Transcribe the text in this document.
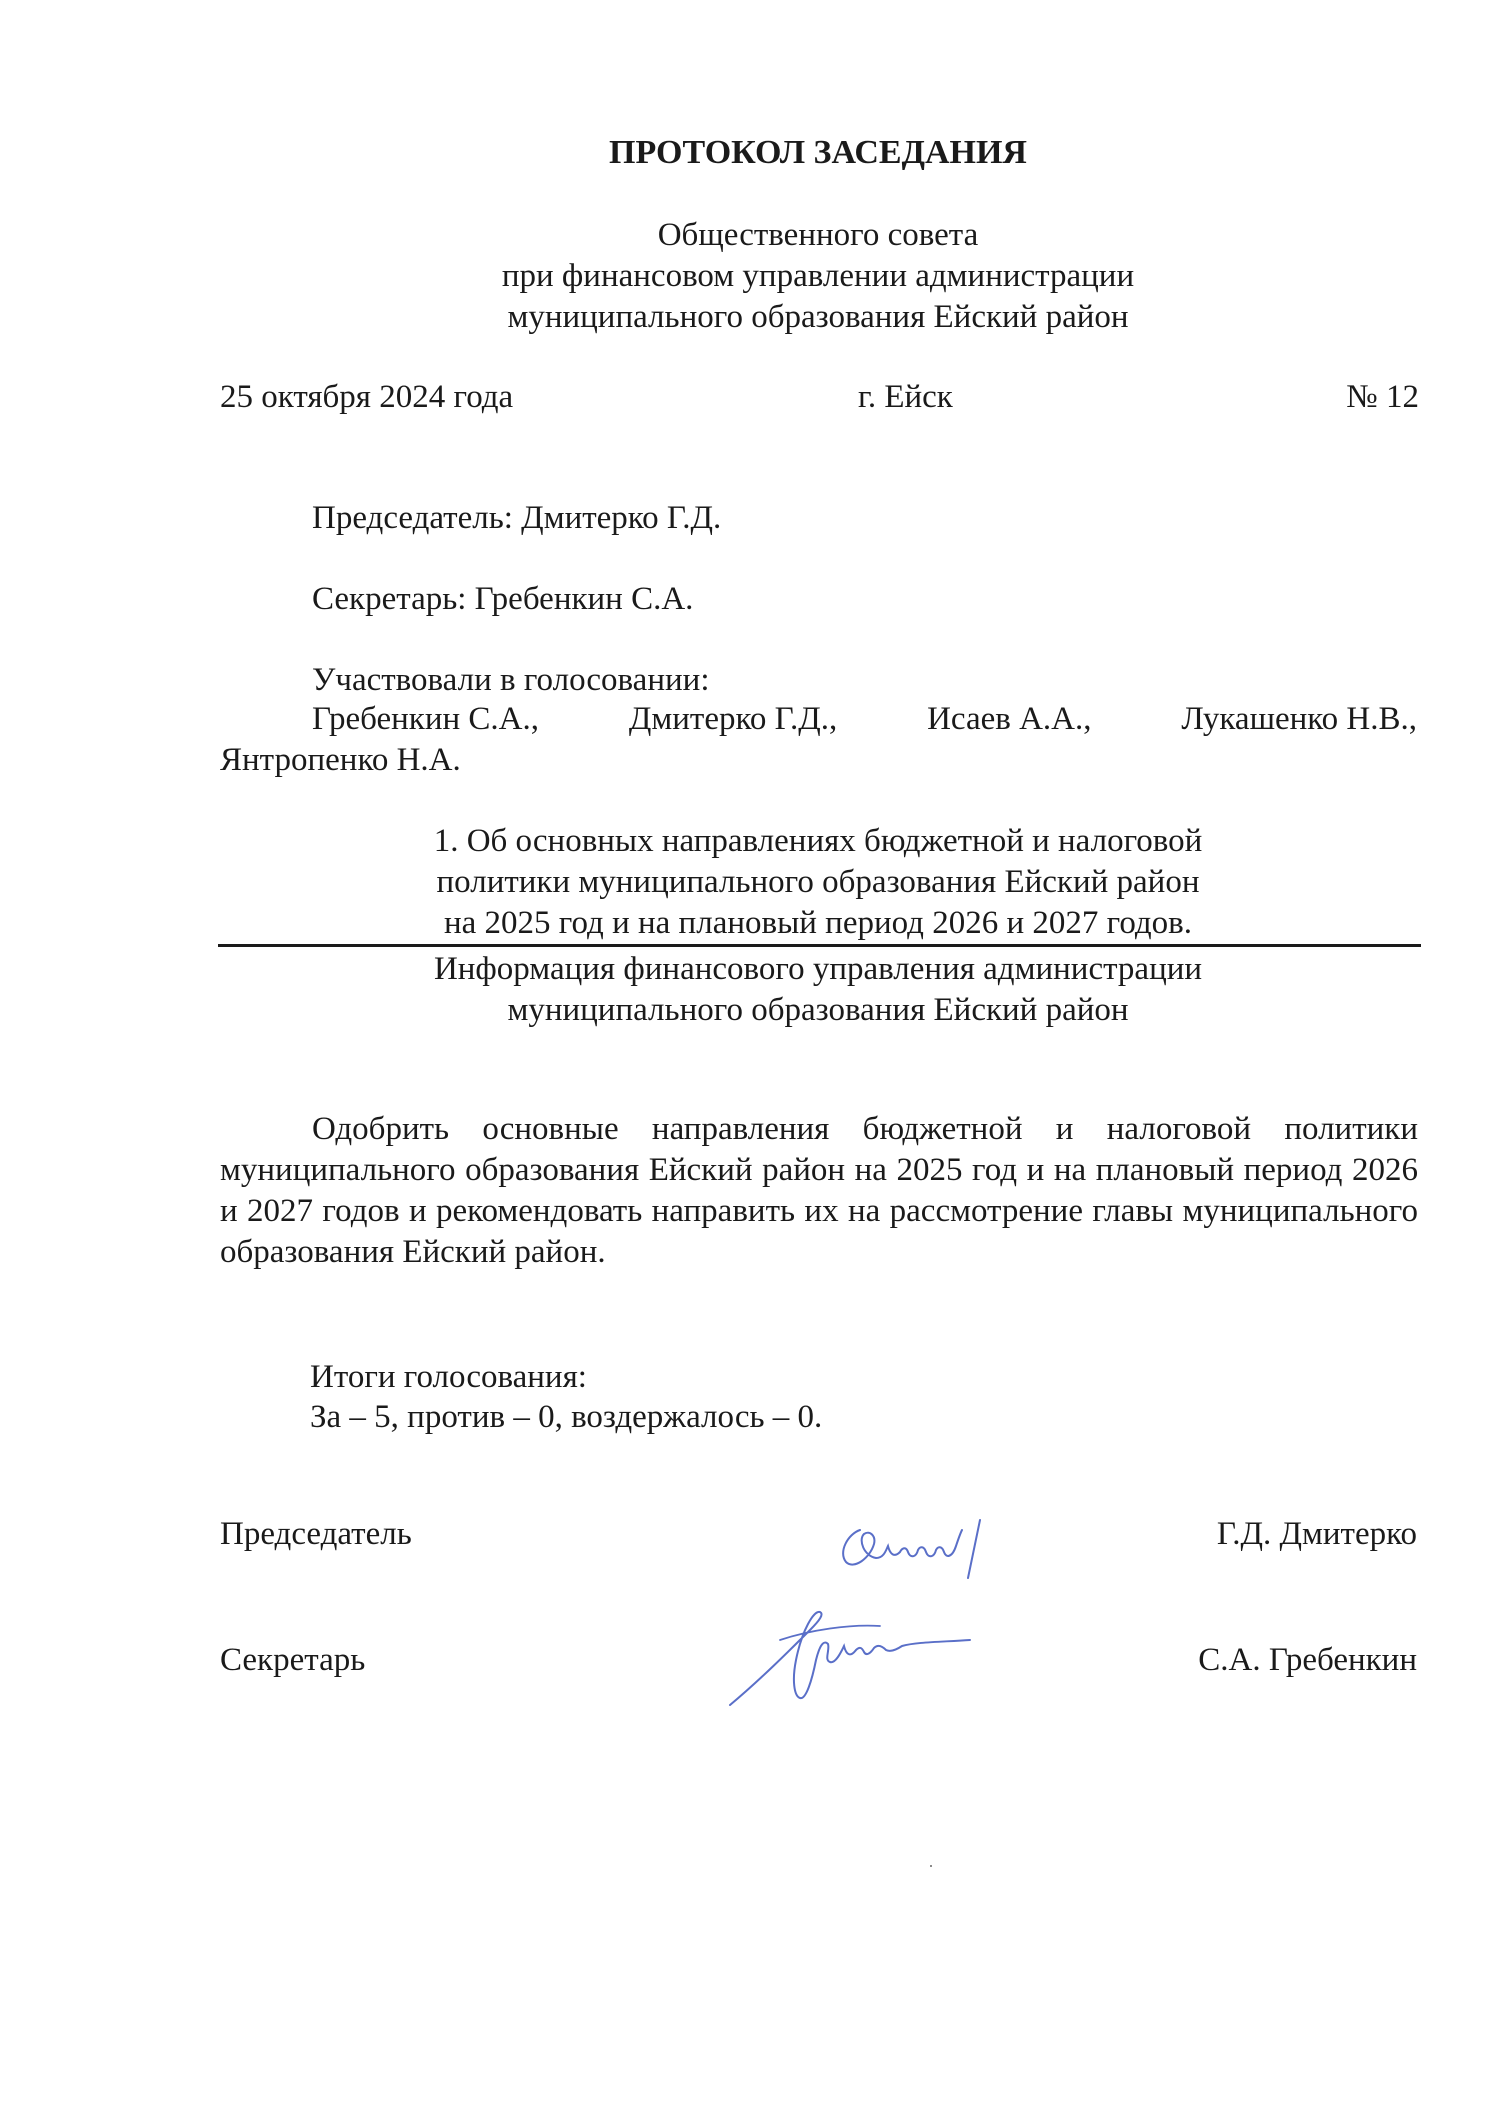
ПРОТОКОЛ ЗАСЕДАНИЯ
Общественного совета
при финансовом управлении администрации
муниципального образования Ейский район
25 октября 2024 года	г. Ейск	№ 12
Председатель: Дмитерко Г.Д.
Секретарь: Гребенкин С.А.
Участвовали в голосовании:
Гребенкин С.А.,	Дмитерко Г.Д.,	Исаев А.А.,	Лукашенко Н.В.,
Янтропенко Н.А.
1. Об основных направлениях бюджетной и налоговой
политики муниципального образования Ейский район
на 2025 год и на плановый период 2026 и 2027 годов.
Информация финансового управления администрации
муниципального образования Ейский район

Одобрить основные направления бюджетной и налоговой политики муниципального образования Ейский район на 2025 год и на плановый период 2026 и 2027 годов и рекомендовать направить их на рассмотрение главы муниципального образования Ейский район.

Итоги голосования:
За – 5, против – 0, воздержалось – 0.
Председатель	Г.Д. Дмитерко
Секретарь	С.А. Гребенкин
